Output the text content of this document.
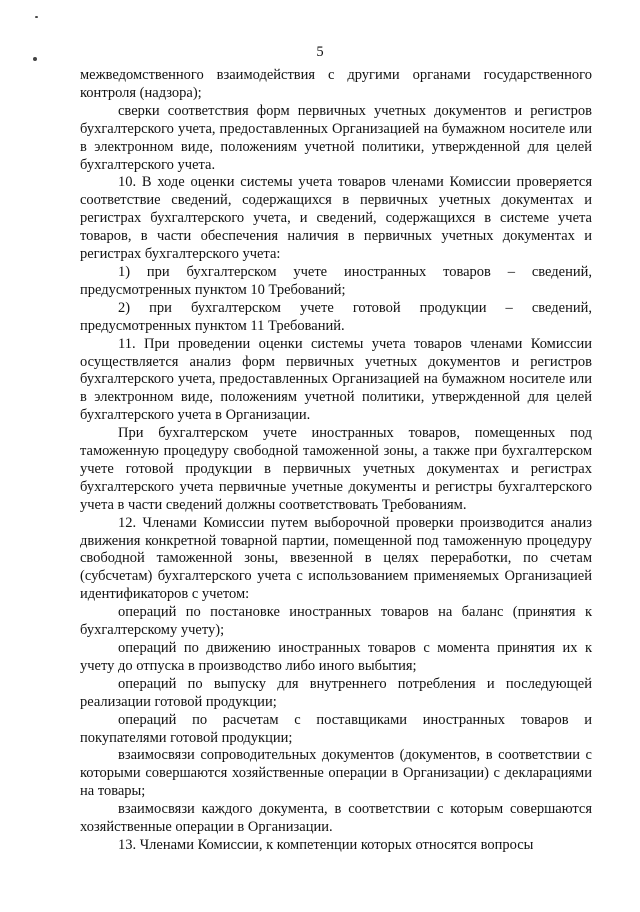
5

межведомственного взаимодействия с другими органами государственного контроля (надзора);

сверки соответствия форм первичных учетных документов и регистров бухгалтерского учета, предоставленных Организацией на бумажном носителе или в электронном виде, положениям учетной политики, утвержденной для целей бухгалтерского учета.

10. В ходе оценки системы учета товаров членами Комиссии проверяется соответствие сведений, содержащихся в первичных учетных документах и регистрах бухгалтерского учета, и сведений, содержащихся в системе учета товаров, в части обеспечения наличия в первичных учетных документах и регистрах бухгалтерского учета:

1) при бухгалтерском учете иностранных товаров – сведений, предусмотренных пунктом 10 Требований;

2) при бухгалтерском учете готовой продукции – сведений, предусмотренных пунктом 11 Требований.

11. При проведении оценки системы учета товаров членами Комиссии осуществляется анализ форм первичных учетных документов и регистров бухгалтерского учета, предоставленных Организацией на бумажном носителе или в электронном виде, положениям учетной политики, утвержденной для целей бухгалтерского учета в Организации.

При бухгалтерском учете иностранных товаров, помещенных под таможенную процедуру свободной таможенной зоны, а также при бухгалтерском учете готовой продукции в первичных учетных документах и регистрах бухгалтерского учета первичные учетные документы и регистры бухгалтерского учета в части сведений должны соответствовать Требованиям.

12. Членами Комиссии путем выборочной проверки производится анализ движения конкретной товарной партии, помещенной под таможенную процедуру свободной таможенной зоны, ввезенной в целях переработки, по счетам (субсчетам) бухгалтерского учета с использованием применяемых Организацией идентификаторов с учетом:

операций по постановке иностранных товаров на баланс (принятия к бухгалтерскому учету);

операций по движению иностранных товаров с момента принятия их к учету до отпуска в производство либо иного выбытия;

операций по выпуску для внутреннего потребления и последующей реализации готовой продукции;

операций по расчетам с поставщиками иностранных товаров и покупателями готовой продукции;

взаимосвязи сопроводительных документов (документов, в соответствии с которыми совершаются хозяйственные операции в Организации) с декларациями на товары;

взаимосвязи каждого документа, в соответствии с которым совершаются хозяйственные операции в Организации.

13. Членами Комиссии, к компетенции которых относятся вопросы
